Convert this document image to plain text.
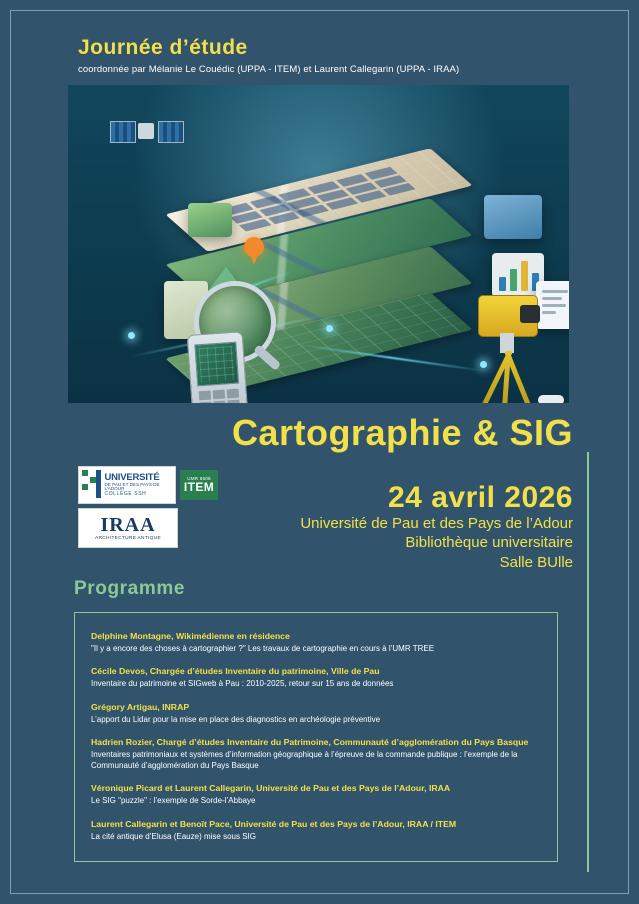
Journée d’étude
coordonnée par Mélanie Le Couédic (UPPA - ITEM) et Laurent Callegarin (UPPA - IRAA)
Cartographie & SIG
UNIVERSITÉ
DE PAU ET DES PAYS DE L’ADOUR
COLLÈGE SSH
UMR 5608
ITEM
IRAA
ARCHITECTURE ANTIQUE
24 avril 2026
Université de Pau et des Pays de l’Adour
Bibliothèque universitaire
Salle BUlle
Programme
Delphine Montagne, Wikimédienne en résidence
"Il y a encore des choses à cartographier ?" Les travaux de cartographie en cours à l’UMR TREE
Cécile Devos, Chargée d’études Inventaire du patrimoine, Ville de Pau
Inventaire du patrimoine et SIGweb à Pau : 2010-2025, retour sur 15 ans de données
Grégory Artigau, INRAP
L’apport du Lidar pour la mise en place des diagnostics en archéologie préventive
Hadrien Rozier, Chargé d’études Inventaire du Patrimoine, Communauté d’agglomération du Pays Basque
Inventaires patrimoniaux et systèmes d’information géographique à l’épreuve de la commande publique : l’exemple de la Communauté d’agglomération du Pays Basque
Véronique Picard et Laurent Callegarin, Université de Pau et des Pays de l’Adour, IRAA
Le SIG "puzzle" : l’exemple de Sorde-l’Abbaye
Laurent Callegarin et Benoît Pace, Université de Pau et des Pays de l’Adour, IRAA / ITEM
La cité antique d’Elusa (Eauze) mise sous SIG
